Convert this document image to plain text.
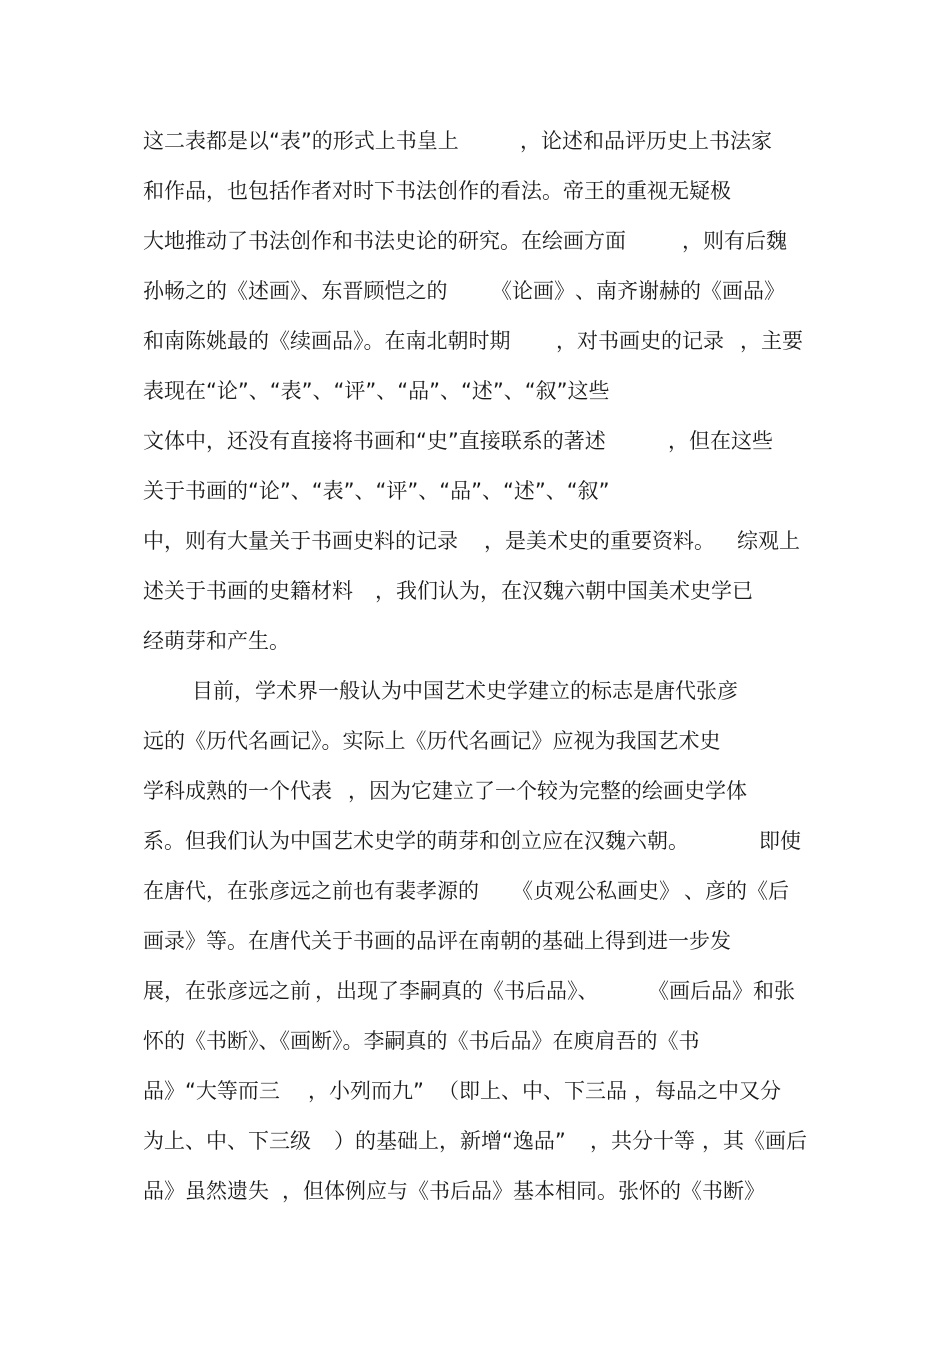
这二表都是以“表”的形式上书皇上

	，论述和品评历史上书法家

和作品，也包括作者对时下书法创作的看法。帝王的重视无疑极

大地推动了书法创作和书法史论的研究。在绘画方面

	，则有后魏

孙畅之的《述画》、东晋顾恺之的

《论画》

、南齐谢赫的《画品》

和南陈姚最的《续画品》。在南北朝时期

，对书画史的记录

，主要

表现在“论”、“表”、“评”、“品”、“述”、“叙”这些

文体中，还没有直接将书画和“史”直接联系的著述

	，但在这些

关于书画的“论”、“表”、“评”、“品”、“述”、“叙”

中，则有大量关于书画史料的记录

，是美术史的重要资料。

综观上

述关于书画的史籍材料

，我们认为，在汉魏六朝中国美术史学已

经萌芽和产生。

目前，学术界一般认为中国艺术史学建立的标志是唐代张彦

远的《历代名画记》。实际上《历代名画记》应视为我国艺术史

学科成熟的一个代表

，因为它建立了一个较为完整的绘画史学体

系。但我们认为中国艺术史学的萌芽和创立应在汉魏六朝。

	即使

在唐代，在张彦远之前也有裴孝源的

《贞观公私画史》

、彦的《后

画录》等。在唐代关于书画的品评在南朝的基础上得到进一步发

展，在张彦远之前

，出现了李嗣真的《书后品》、

《画后品》和张

怀的《书断》、《画断》。李嗣真的《书后品》在庾肩吾的《书

品》“大等而三

，小列而九”

（即上、中、下三品

，每品之中又分

为上、中、下三级

）的基础上，新增“逸品”

，共分十等

，其《画后

品》虽然遗失

，但体例应与《书后品》基本相同。张怀的《书断》
